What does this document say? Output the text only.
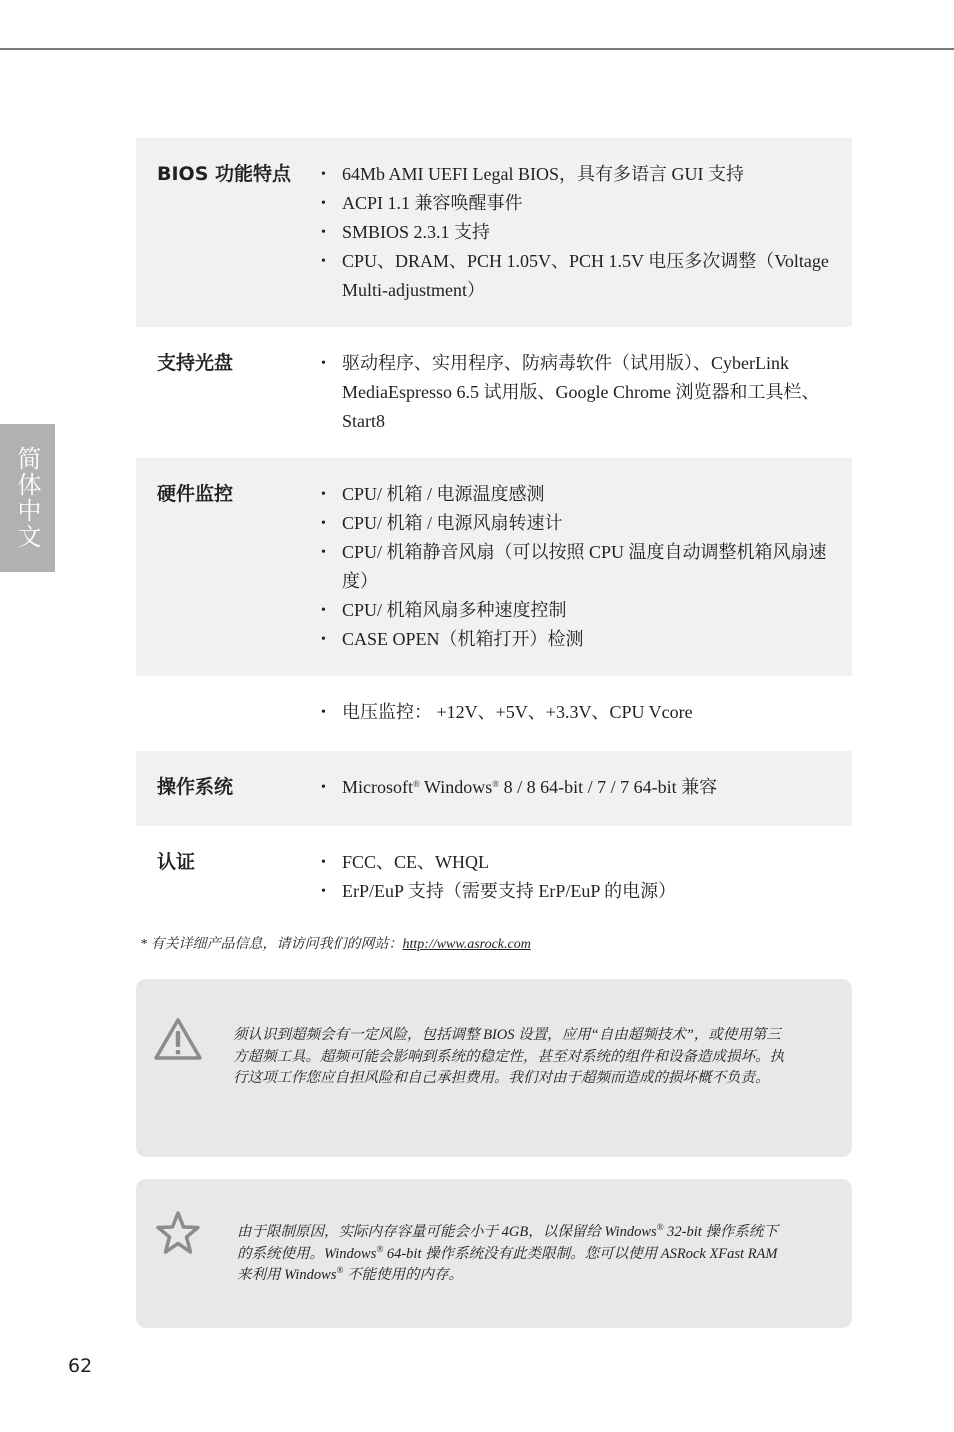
简体中文
BIOS 功能特点	• 64Mb AMI UEFI Legal BIOS，具有多语言 GUI 支持
• ACPI 1.1 兼容唤醒事件
• SMBIOS 2.3.1 支持
• CPU、DRAM、PCH 1.05V、PCH 1.5V 电压多次调整（Voltage Multi-adjustment）
支持光盘	• 驱动程序、实用程序、防病毒软件（试用版）、CyberLink MediaEspresso 6.5 试用版、Google Chrome 浏览器和工具栏、Start8
硬件监控	• CPU/ 机箱 / 电源温度感测
• CPU/ 机箱 / 电源风扇转速计
• CPU/ 机箱静音风扇（可以按照 CPU 温度自动调整机箱风扇速度）
• CPU/ 机箱风扇多种速度控制
• CASE OPEN（机箱打开）检测
• 电压监控： +12V、+5V、+3.3V、CPU Vcore
操作系统	• Microsoft® Windows® 8 / 8 64-bit / 7 / 7 64-bit 兼容
认证	• FCC、CE、WHQL
• ErP/EuP 支持（需要支持 ErP/EuP 的电源）
* 有关详细产品信息，请访问我们的网站：http://www.asrock.com
须认识到超频会有一定风险，包括调整 BIOS 设置，应用“自由超频技术”，或使用第三方超频工具。超频可能会影响到系统的稳定性，甚至对系统的组件和设备造成损坏。执行这项工作您应自担风险和自己承担费用。我们对由于超频而造成的损坏概不负责。
由于限制原因，实际内存容量可能会小于 4GB，以保留给 Windows® 32-bit 操作系统下的系统使用。Windows® 64-bit 操作系统没有此类限制。您可以使用 ASRock XFast RAM 来利用 Windows® 不能使用的内存。
62
